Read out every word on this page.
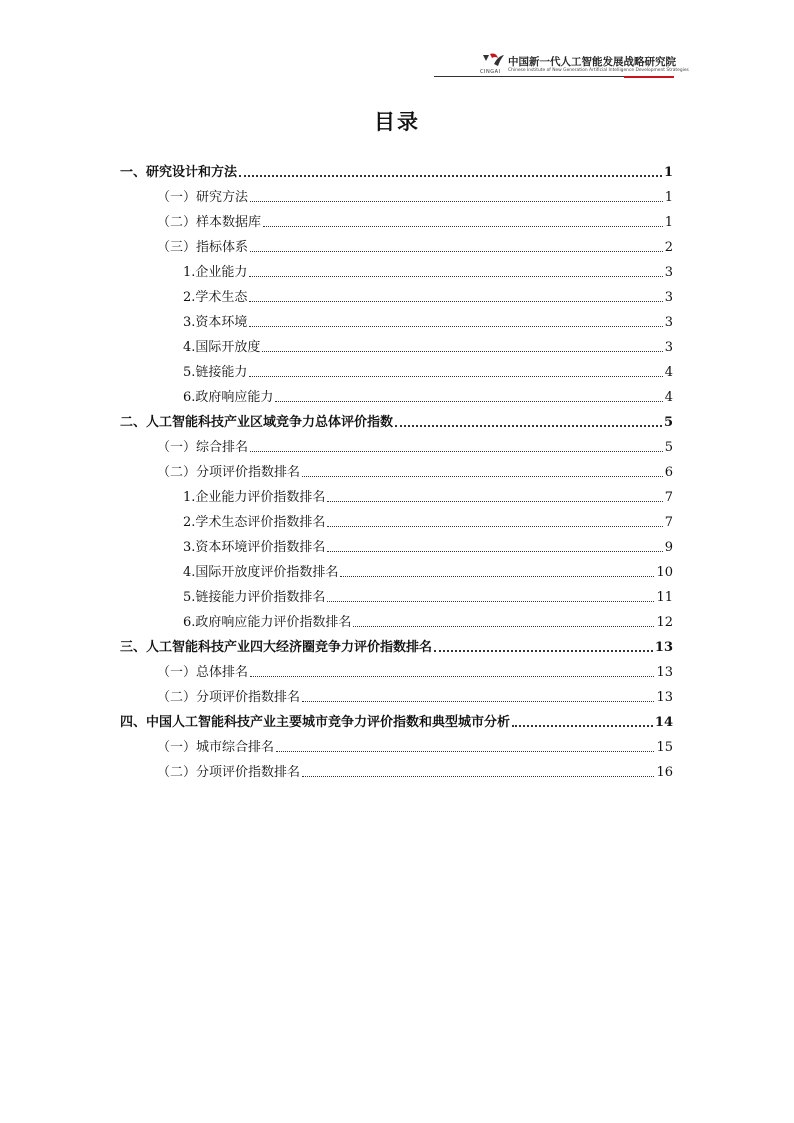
CINGAI
中国新一代人工智能发展战略研究院
Chinese Institute of New Generation Artificial Intelligence Development Strategies
目录
一、研究设计和方法	1
（一）研究方法	1
（二）样本数据库	1
（三）指标体系	2
1.企业能力	3
2.学术生态	3
3.资本环境	3
4.国际开放度	3
5.链接能力	4
6.政府响应能力	4
二、人工智能科技产业区域竞争力总体评价指数	5
（一）综合排名	5
（二）分项评价指数排名	6
1.企业能力评价指数排名	7
2.学术生态评价指数排名	7
3.资本环境评价指数排名	9
4.国际开放度评价指数排名	10
5.链接能力评价指数排名	11
6.政府响应能力评价指数排名	12
三、人工智能科技产业四大经济圈竞争力评价指数排名	13
（一）总体排名	13
（二）分项评价指数排名	13
四、中国人工智能科技产业主要城市竞争力评价指数和典型城市分析	14
（一）城市综合排名	15
（二）分项评价指数排名	16
